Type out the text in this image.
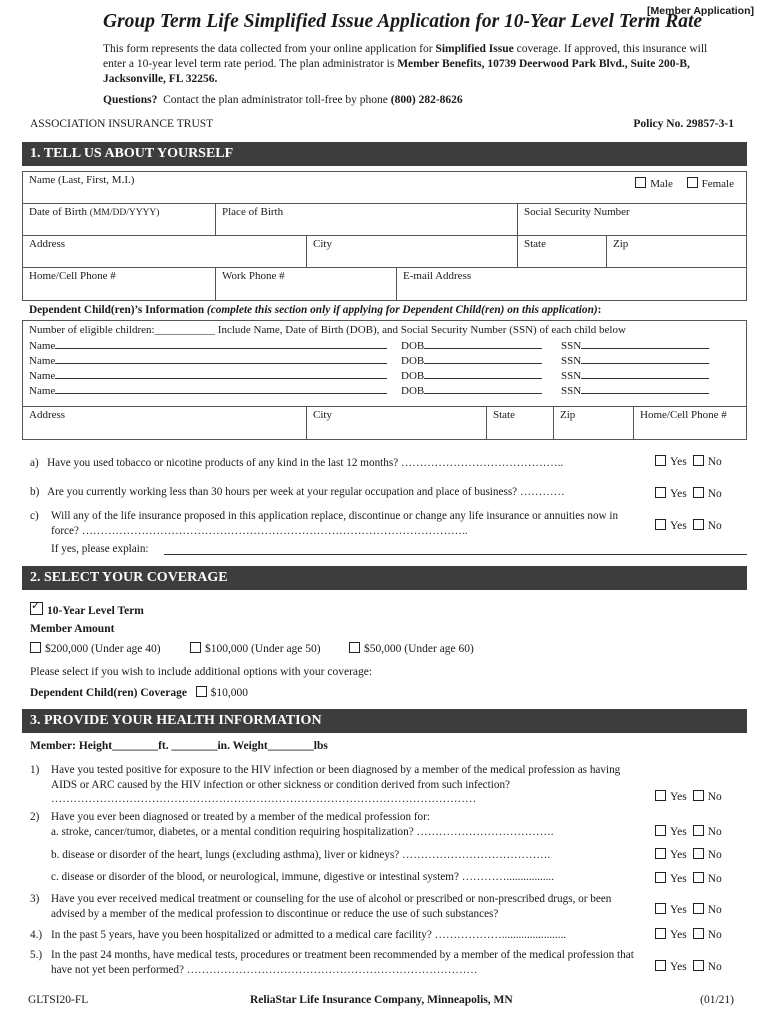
[Member Application]
Group Term Life Simplified Issue Application for 10-Year Level Term Rate
This form represents the data collected from your online application for Simplified Issue coverage. If approved, this insurance will enter a 10-year level term rate period. The plan administrator is Member Benefits, 10739 Deerwood Park Blvd., Suite 200-B, Jacksonville, FL 32256.
Questions? Contact the plan administrator toll-free by phone (800) 282-8626
ASSOCIATION INSURANCE TRUST	Policy No. 29857-3-1
1. TELL US ABOUT YOURSELF
Name (Last, First, M.I.)	Male	Female
Date of Birth (MM/DD/YYYY)	Place of Birth	Social Security Number
Address	City	State	Zip
Home/Cell Phone #	Work Phone #	E-mail Address
Dependent Child(ren)’s Information (complete this section only if applying for Dependent Child(ren) on this application):
Number of eligible children:___________ Include Name, Date of Birth (DOB), and Social Security Number (SSN) of each child below
Name	DOB	SSN
Name	DOB	SSN
Name	DOB	SSN
Name	DOB	SSN
Address	City	State	Zip	Home/Cell Phone #
a) Have you used tobacco or nicotine products of any kind in the last 12 months? ……………………………………..	Yes No
b) Are you currently working less than 30 hours per week at your regular occupation and place of business? …………	Yes No
c) Will any of the life insurance proposed in this application replace, discontinue or change any life insurance or annuities now in force? …………………………………………………………………………………………..	Yes No
If yes, please explain:
2. SELECT YOUR COVERAGE
✓10-Year Level Term
Member Amount
$200,000 (Under age 40)	$100,000 (Under age 50)	$50,000 (Under age 60)
Please select if you wish to include additional options with your coverage:
Dependent Child(ren) Coverage $10,000
3. PROVIDE YOUR HEALTH INFORMATION
Member: Height________ft. ________in. Weight________lbs
1) Have you tested positive for exposure to the HIV infection or been diagnosed by a member of the medical profession as having AIDS or ARC caused by the HIV infection or other sickness or condition derived from such infection? ……………………………………………………………………………………………………	Yes No
2) Have you ever been diagnosed or treated by a member of the medical profession for:
a. stroke, cancer/tumor, diabetes, or a mental condition requiring hospitalization? ……………………………….	Yes No
b. disease or disorder of the heart, lungs (excluding asthma), liver or kidneys? ………………………………….	Yes No
c. disease or disorder of the blood, or neurological, immune, digestive or intestinal system? ………….................	Yes No
3) Have you ever received medical treatment or counseling for the use of alcohol or prescribed or non-prescribed drugs, or been advised by a member of the medical profession to discontinue or reduce the use of such substances?	Yes No
4.) In the past 5 years, have you been hospitalized or admitted to a medical care facility? ……………….......................	Yes No
5.) In the past 24 months, have medical tests, procedures or treatment been recommended by a member of the medical profession that have not yet been performed? ……………………………………………………………………	Yes No
GLTSI20-FL	ReliaStar Life Insurance Company, Minneapolis, MN	(01/21)
